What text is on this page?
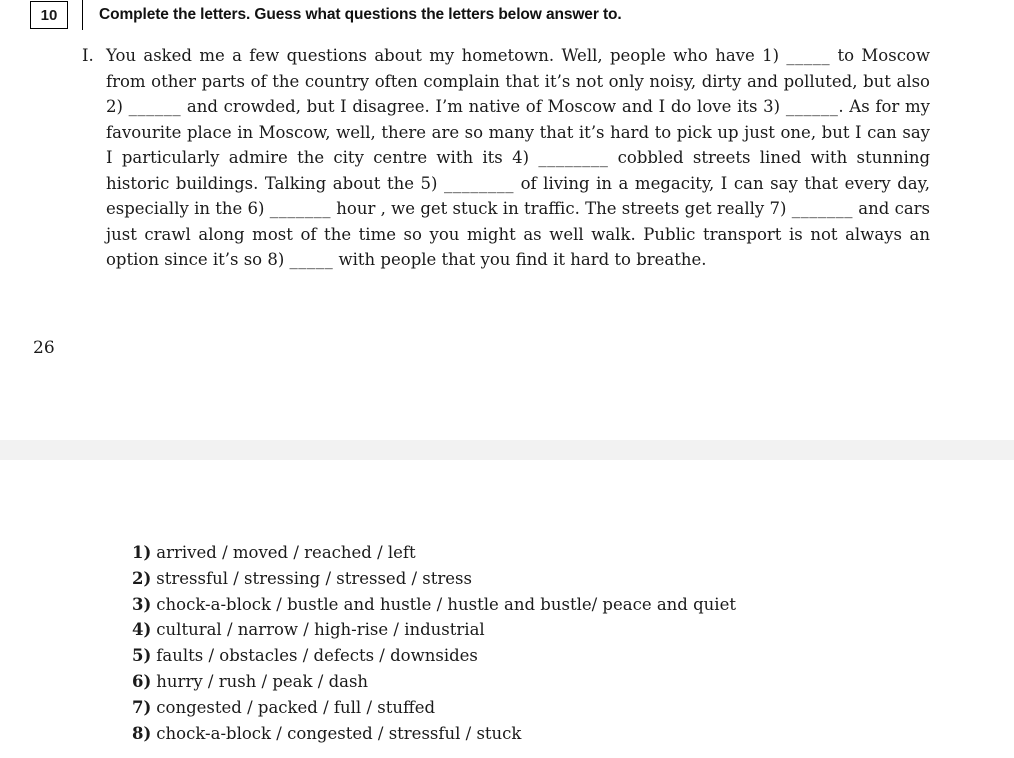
10	Complete the letters. Guess what questions the letters below answer to.
I. You asked me a few questions about my hometown. Well, people who have 1) _____ to Moscow from other parts of the country often complain that it’s not only noisy, dirty and polluted, but also 2) ______ and crowded, but I disagree. I’m native of Moscow and I do love its 3) ______. As for my favourite place in Moscow, well, there are so many that it’s hard to pick up just one, but I can say I particularly admire the city centre with its 4) ________ cobbled streets lined with stunning historic buildings. Talking about the 5) ________ of living in a megacity, I can say that every day, especially in the 6) _______ hour , we get stuck in traffic. The streets get really 7) _______ and cars just crawl along most of the time so you might as well walk. Public transport is not always an option since it’s so 8) _____ with people that you find it hard to breathe.
26
1) arrived / moved / reached / left
2) stressful / stressing / stressed / stress
3) chock-a-block / bustle and hustle / hustle and bustle/ peace and quiet
4) cultural / narrow / high-rise / industrial
5) faults / obstacles / defects / downsides
6) hurry / rush / peak / dash
7) congested / packed / full / stuffed
8) chock-a-block / congested / stressful / stuck
